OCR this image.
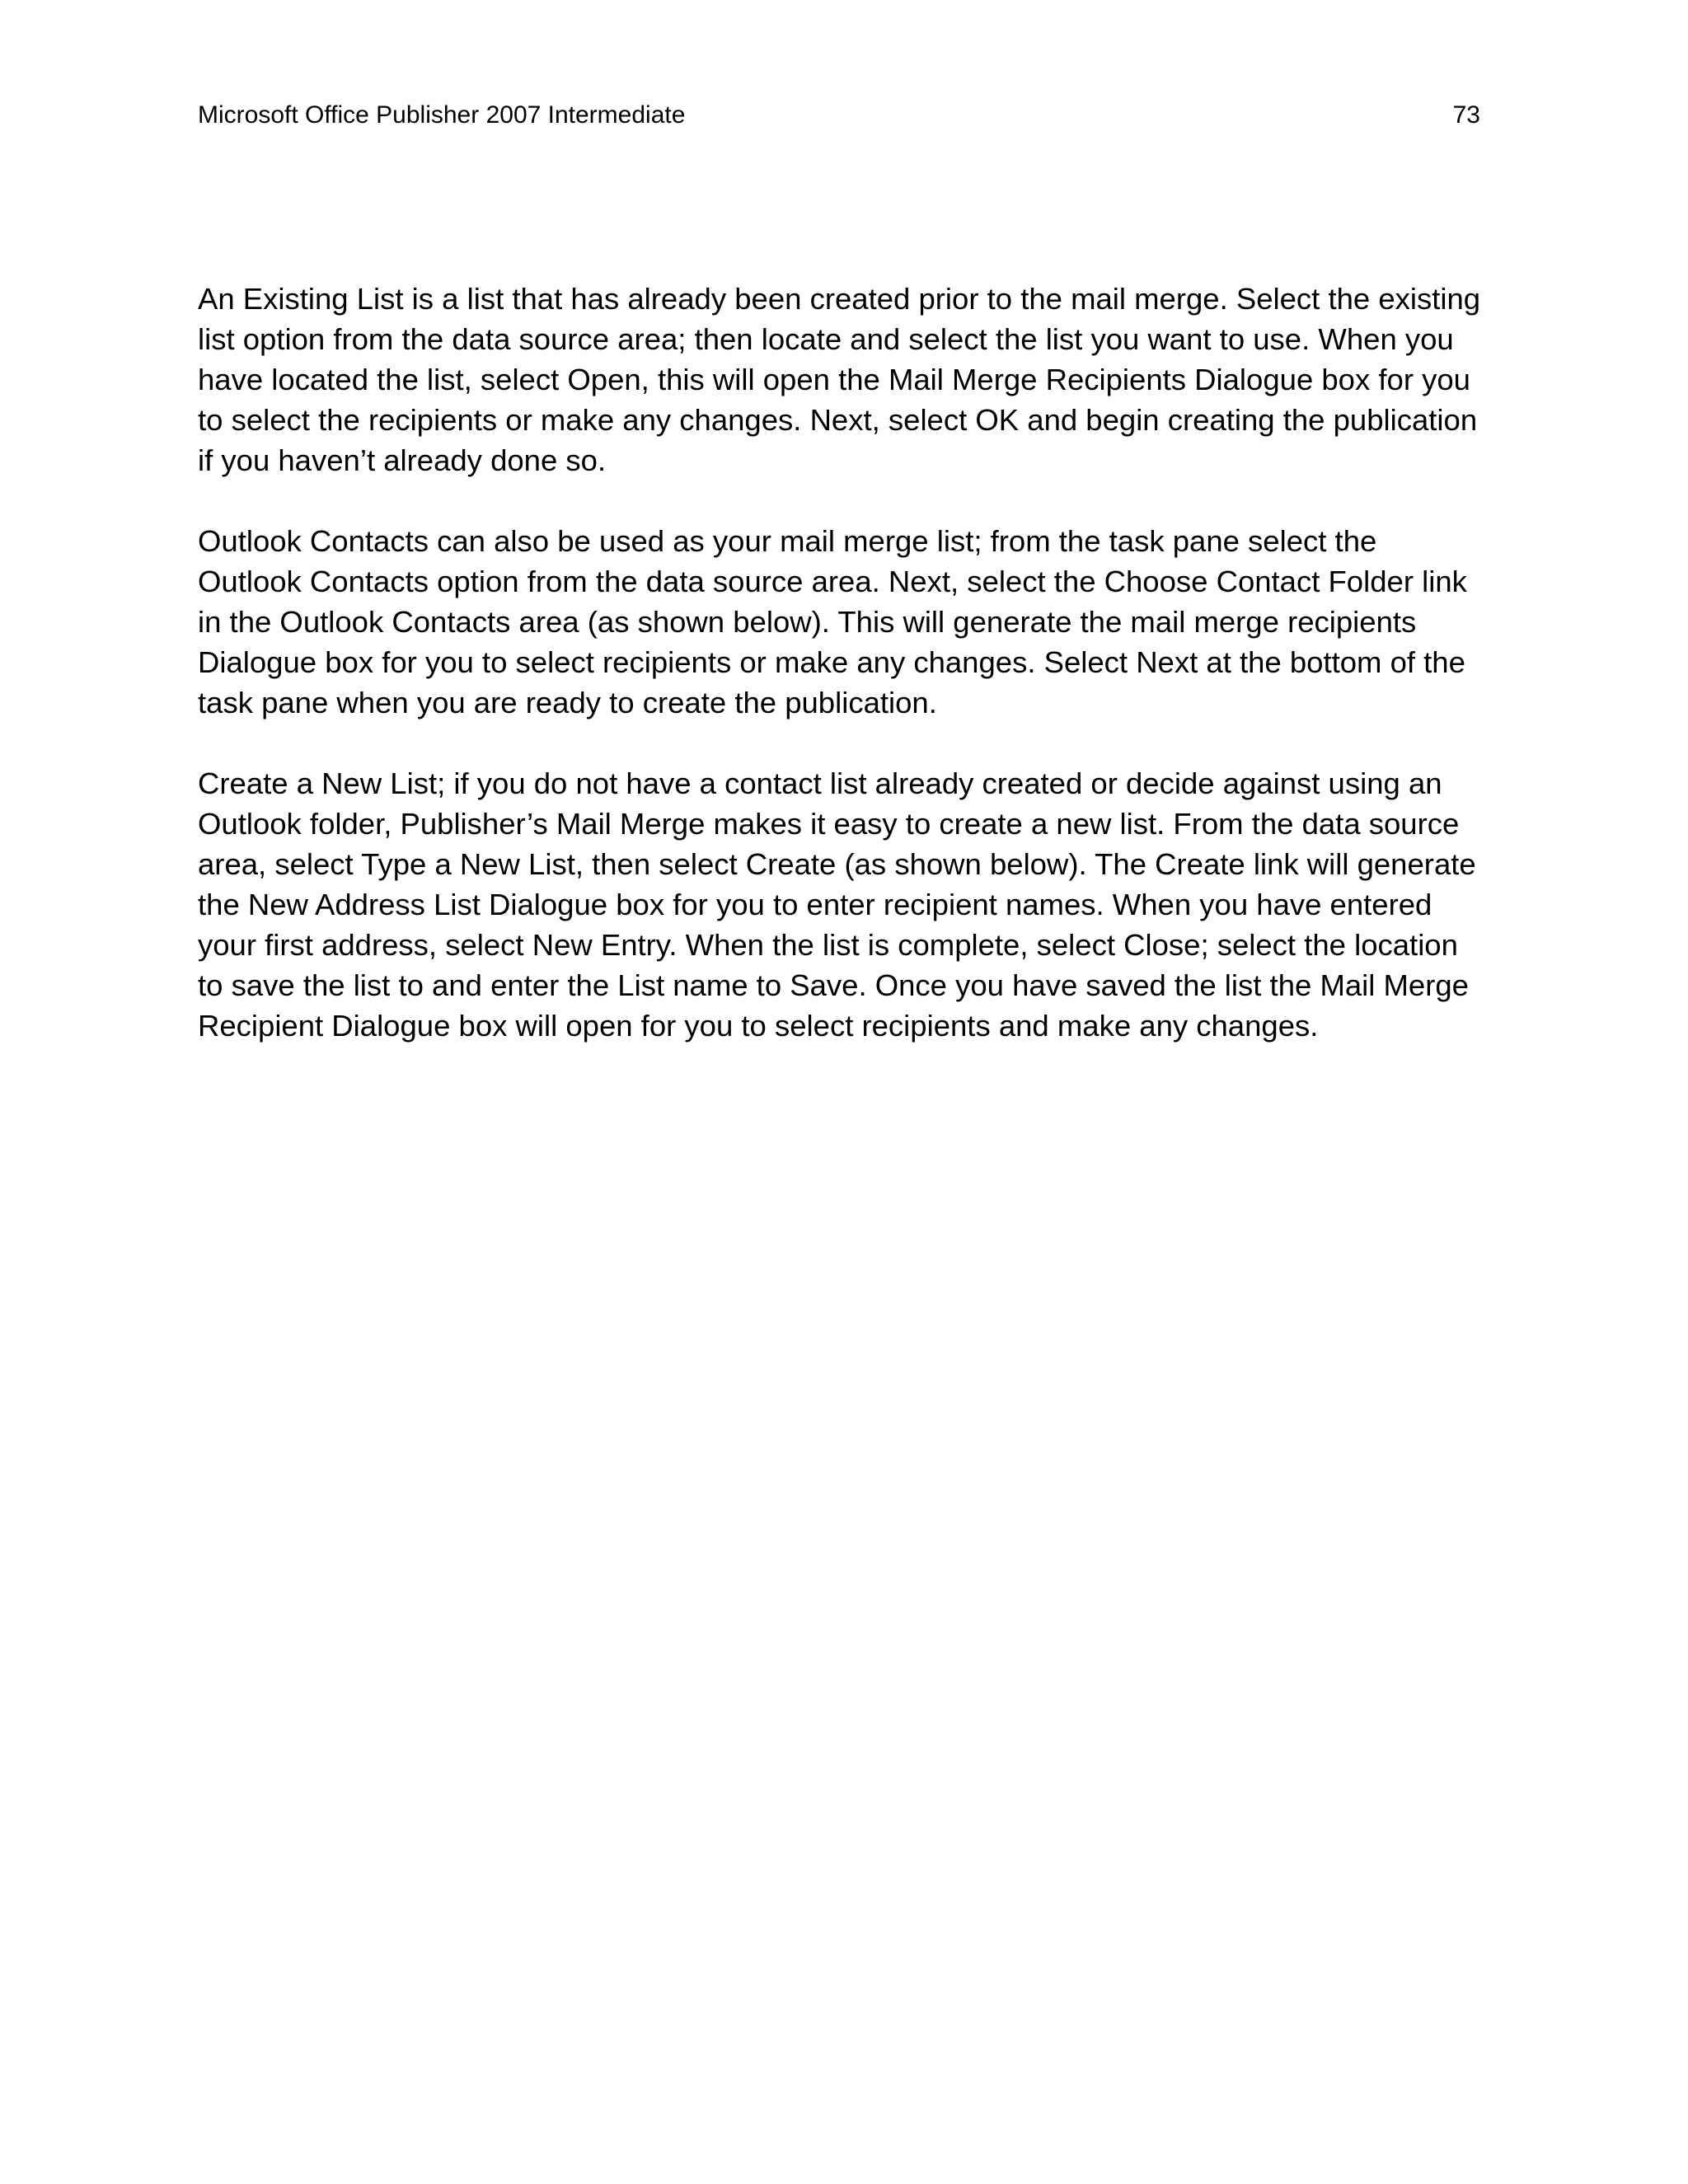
Microsoft Office Publisher 2007 Intermediate	73

An Existing List is a list that has already been created prior to the mail merge. Select the existing list option from the data source area; then locate and select the list you want to use. When you have located the list, select Open, this will open the Mail Merge Recipients Dialogue box for you to select the recipients or make any changes. Next, select OK and begin creating the publication if you haven’t already done so.

Outlook Contacts can also be used as your mail merge list; from the task pane select the Outlook Contacts option from the data source area. Next, select the Choose Contact Folder link in the Outlook Contacts area (as shown below). This will generate the mail merge recipients Dialogue box for you to select recipients or make any changes. Select Next at the bottom of the task pane when you are ready to create the publication.

Create a New List; if you do not have a contact list already created or decide against using an Outlook folder, Publisher’s Mail Merge makes it easy to create a new list. From the data source area, select Type a New List, then select Create (as shown below). The Create link will generate the New Address List Dialogue box for you to enter recipient names. When you have entered your first address, select New Entry. When the list is complete, select Close; select the location to save the list to and enter the List name to Save. Once you have saved the list the Mail Merge Recipient Dialogue box will open for you to select recipients and make any changes.
